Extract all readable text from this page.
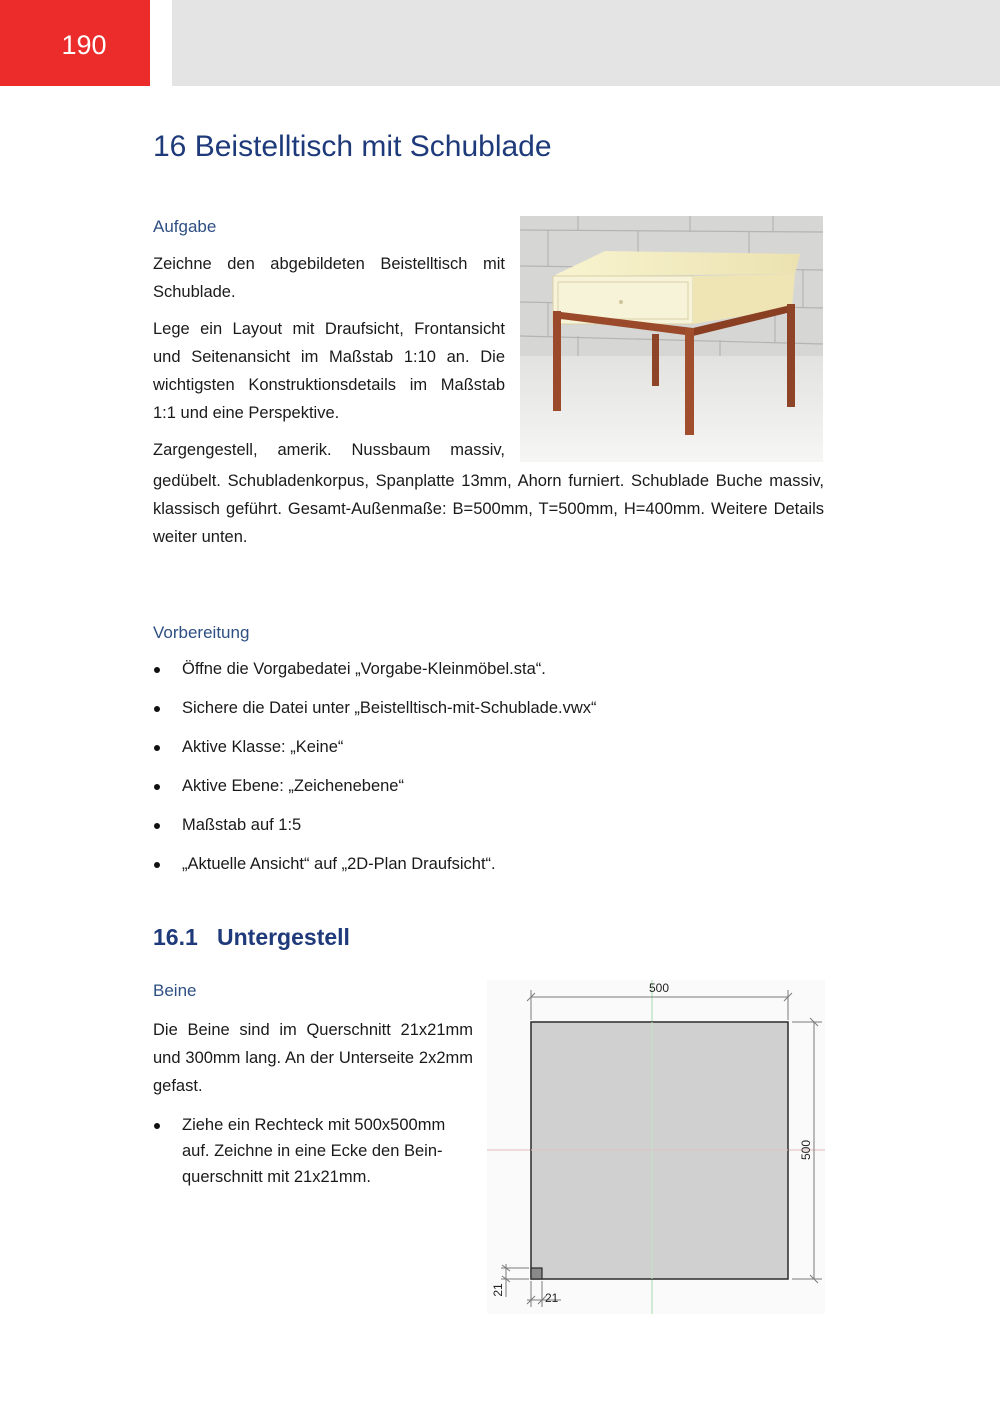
190
16 Beistelltisch mit Schublade
Aufgabe

Zeichne den abgebildeten Beistelltisch mit Schublade.

Lege ein Layout mit Draufsicht, Frontansicht und Seitenansicht im Maßstab 1:10 an. Die wichtigsten Konstruktionsdetails im Maßstab 1:1 und eine Perspektive.

Zargengestell, amerik. Nussbaum massiv,

gedübelt. Schubladenkorpus, Spanplatte 13mm, Ahorn furniert. Schublade Buche massiv, klassisch geführt. Gesamt-Außenmaße: B=500mm, T=500mm, H=400mm. Weitere Details weiter unten.

Vorbereitung
Öffne die Vorgabedatei „Vorgabe-Kleinmöbel.sta“.
Sichere die Datei unter „Beistelltisch-mit-Schublade.vwx“
Aktive Klasse: „Keine“
Aktive Ebene: „Zeichenebene“
Maßstab auf 1:5
„Aktuelle Ansicht“ auf „2D-Plan Draufsicht“.
16.1 Untergestell
Beine

Die Beine sind im Querschnitt 21x21mm und 300mm lang. An der Unterseite 2x2mm gefast.

Ziehe ein Rechteck mit 500x500mm
auf. Zeichne in eine Ecke den Bein-
querschnitt mit 21x21mm.
500
500
21
21
